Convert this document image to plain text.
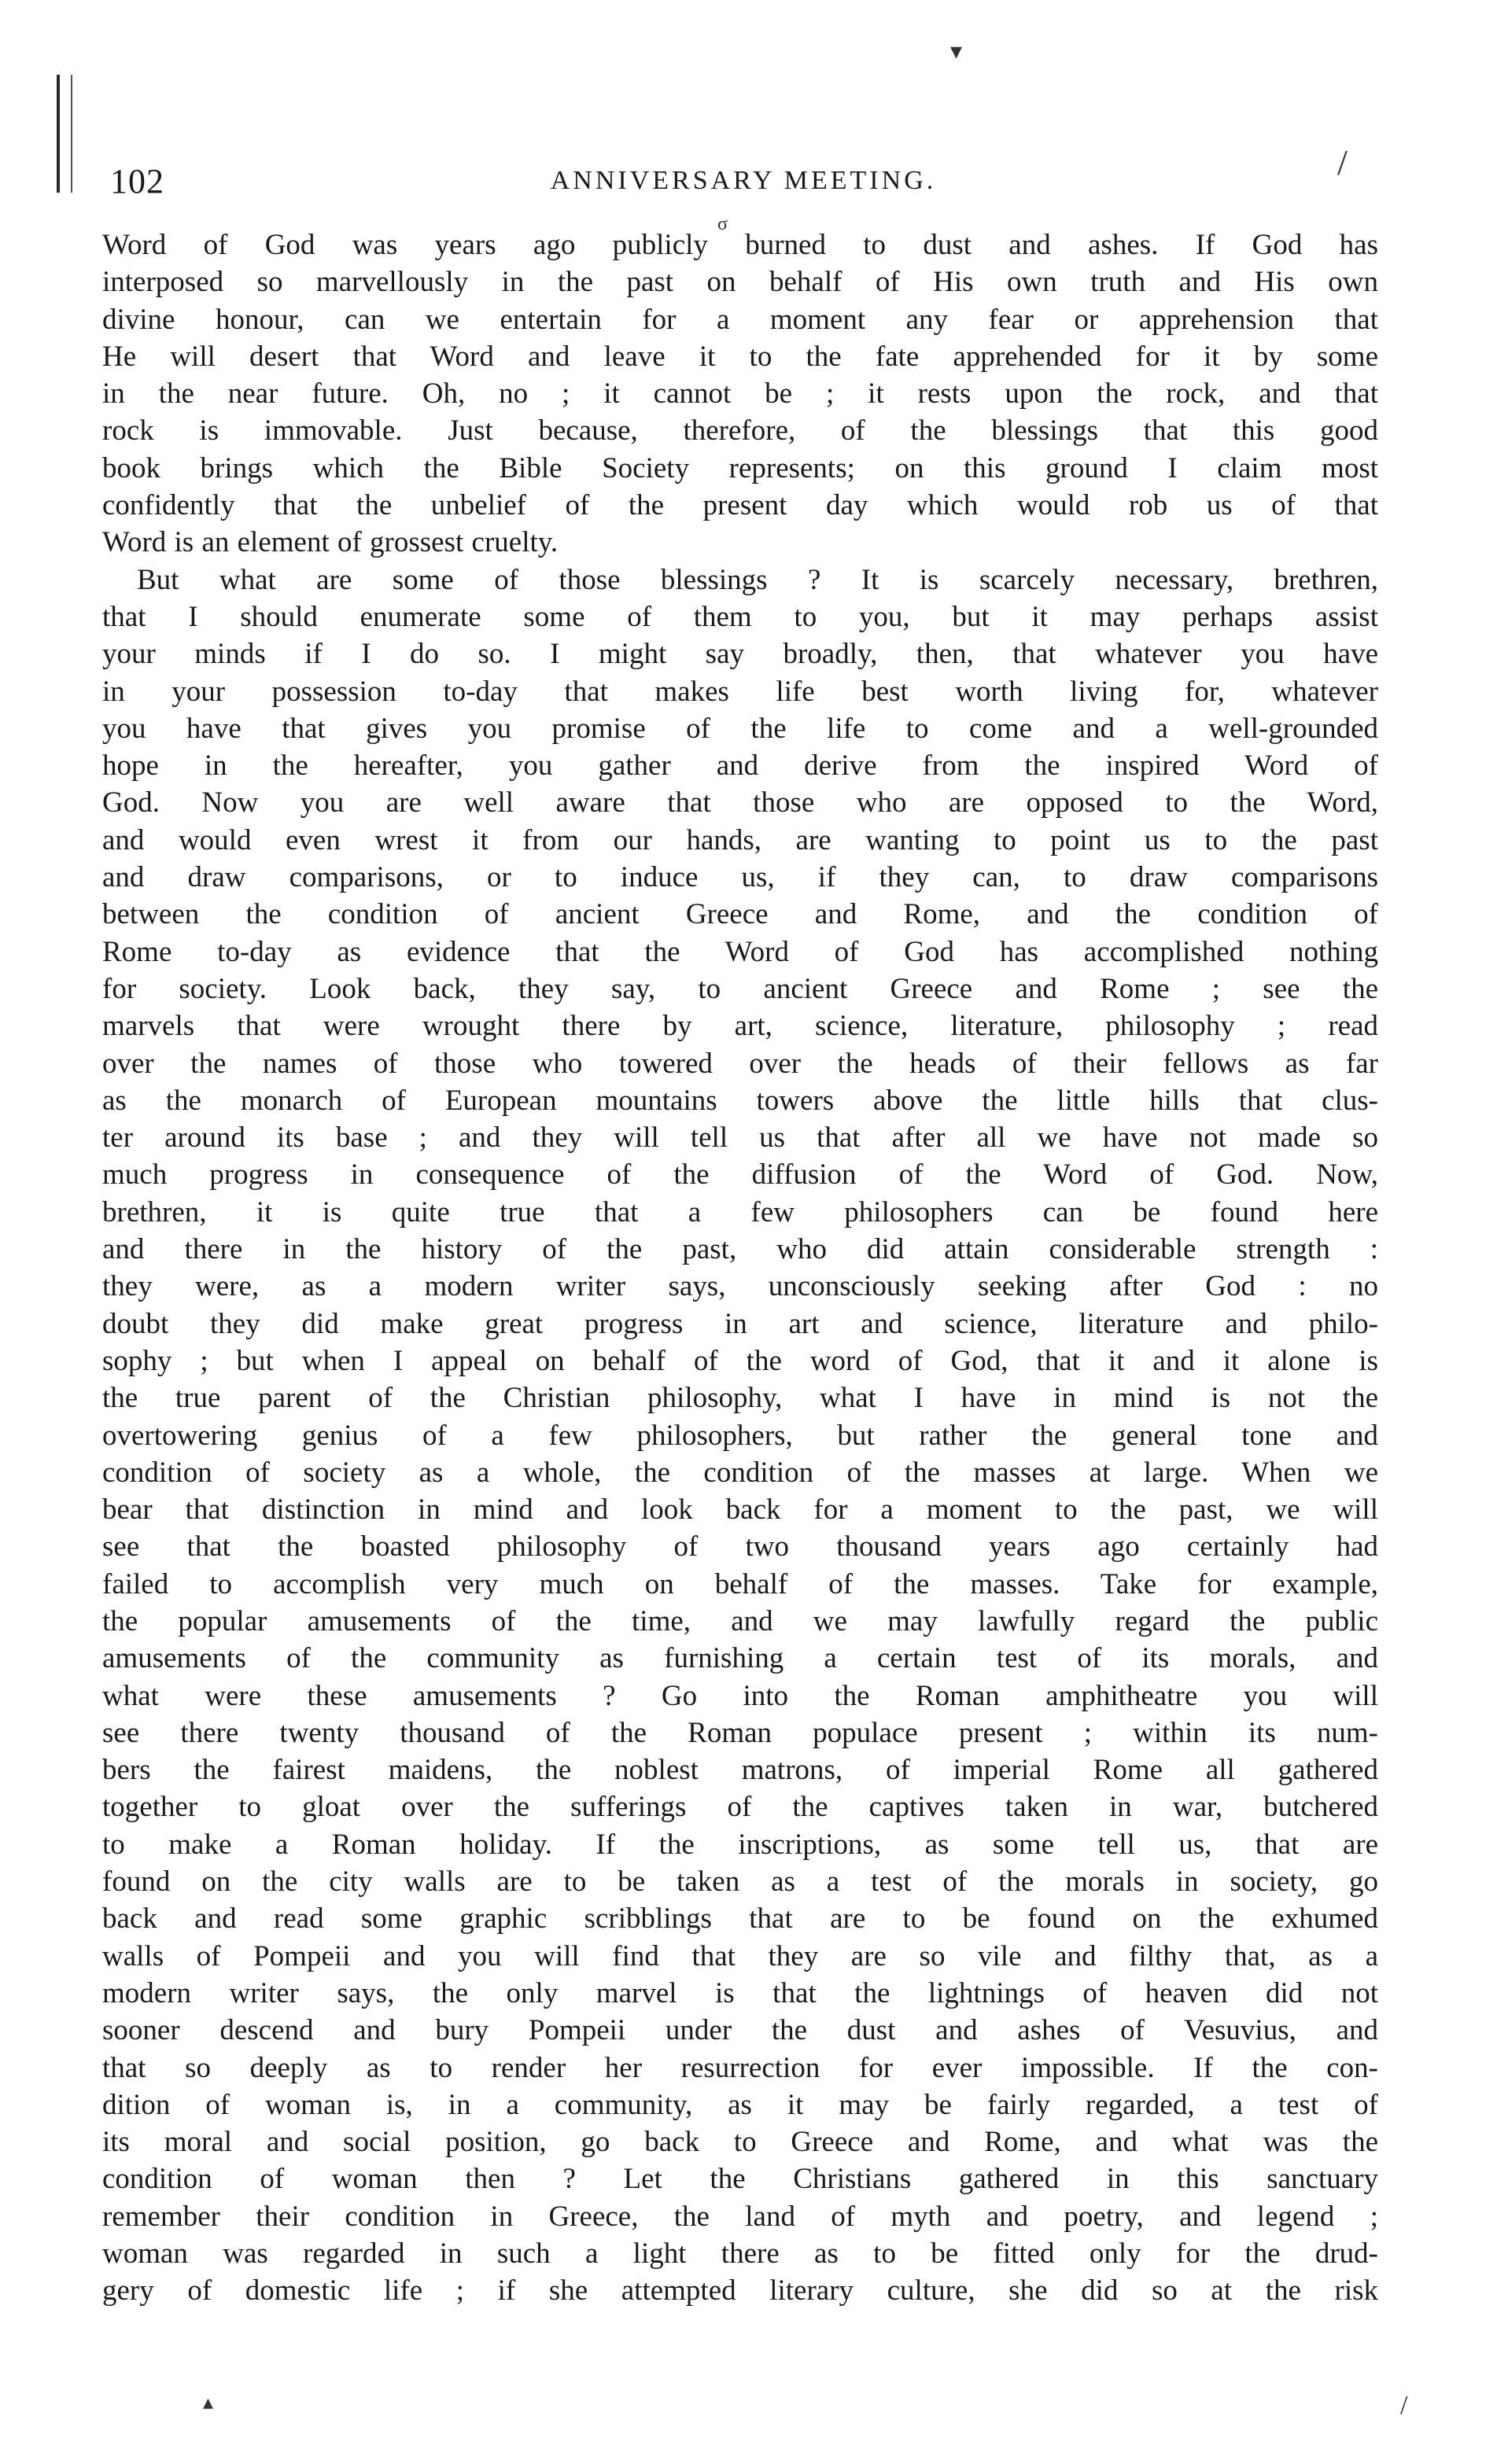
▾
/
σ
102	ANNIVERSARY MEETING.
Word of God was years ago publicly burned to dust and ashes. If God has
interposed so marvellously in the past on behalf of His own truth and His own
divine honour, can we entertain for a moment any fear or apprehension that
He will desert that Word and leave it to the fate apprehended for it by some
in the near future. Oh, no ; it cannot be ; it rests upon the rock, and that
rock is immovable. Just because, therefore, of the blessings that this good
book brings which the Bible Society represents; on this ground I claim most
confidently that the unbelief of the present day which would rob us of that
Word is an element of grossest cruelty.
But what are some of those blessings ? It is scarcely necessary, brethren,
that I should enumerate some of them to you, but it may perhaps assist
your minds if I do so. I might say broadly, then, that whatever you have
in your possession to-day that makes life best worth living for, whatever
you have that gives you promise of the life to come and a well-grounded
hope in the hereafter, you gather and derive from the inspired Word of
God. Now you are well aware that those who are opposed to the Word,
and would even wrest it from our hands, are wanting to point us to the past
and draw comparisons, or to induce us, if they can, to draw comparisons
between the condition of ancient Greece and Rome, and the condition of
Rome to-day as evidence that the Word of God has accomplished nothing
for society. Look back, they say, to ancient Greece and Rome ; see the
marvels that were wrought there by art, science, literature, philosophy ; read
over the names of those who towered over the heads of their fellows as far
as the monarch of European mountains towers above the little hills that clus-
ter around its base ; and they will tell us that after all we have not made so
much progress in consequence of the diffusion of the Word of God. Now,
brethren, it is quite true that a few philosophers can be found here
and there in the history of the past, who did attain considerable strength :
they were, as a modern writer says, unconsciously seeking after God : no
doubt they did make great progress in art and science, literature and philo-
sophy ; but when I appeal on behalf of the word of God, that it and it alone is
the true parent of the Christian philosophy, what I have in mind is not the
overtowering genius of a few philosophers, but rather the general tone and
condition of society as a whole, the condition of the masses at large. When we
bear that distinction in mind and look back for a moment to the past, we will
see that the boasted philosophy of two thousand years ago certainly had
failed to accomplish very much on behalf of the masses. Take for example,
the popular amusements of the time, and we may lawfully regard the public
amusements of the community as furnishing a certain test of its morals, and
what were these amusements ? Go into the Roman amphitheatre you will
see there twenty thousand of the Roman populace present ; within its num-
bers the fairest maidens, the noblest matrons, of imperial Rome all gathered
together to gloat over the sufferings of the captives taken in war, butchered
to make a Roman holiday. If the inscriptions, as some tell us, that are
found on the city walls are to be taken as a test of the morals in society, go
back and read some graphic scribblings that are to be found on the exhumed
walls of Pompeii and you will find that they are so vile and filthy that, as a
modern writer says, the only marvel is that the lightnings of heaven did not
sooner descend and bury Pompeii under the dust and ashes of Vesuvius, and
that so deeply as to render her resurrection for ever impossible. If the con-
dition of woman is, in a community, as it may be fairly regarded, a test of
its moral and social position, go back to Greece and Rome, and what was the
condition of woman then ? Let the Christians gathered in this sanctuary
remember their condition in Greece, the land of myth and poetry, and legend ;
woman was regarded in such a light there as to be fitted only for the drud-
gery of domestic life ; if she attempted literary culture, she did so at the risk
▴	/
